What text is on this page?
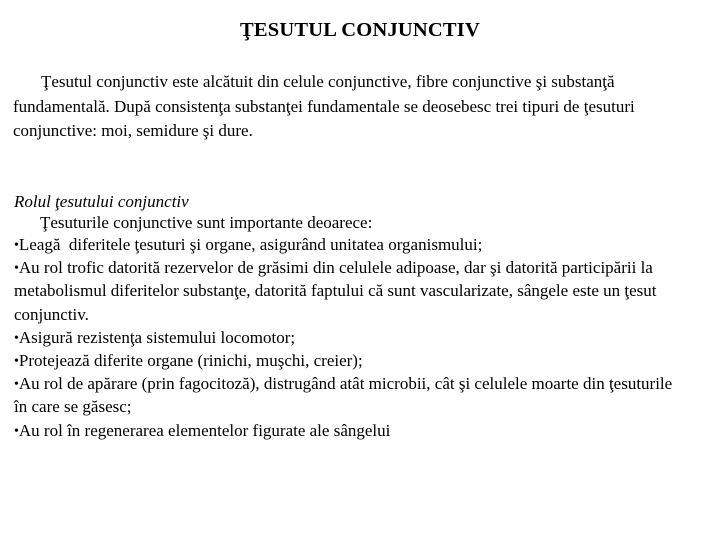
ŢESUTUL CONJUNCTIV
Ţesutul conjunctiv este alcătuit din celule conjunctive, fibre conjunctive şi substanţă fundamentală. După consistenţa substanţei fundamentale se deosebesc trei tipuri de ţesuturi conjunctive: moi, semidure şi dure.
Rolul ţesutului conjunctiv
Ţesuturile conjunctive sunt importante deoarece:
•Leagă  diferitele ţesuturi şi organe, asigurând unitatea organismului;
•Au rol trofic datorită rezervelor de grăsimi din celulele adipoase, dar şi datorită participării la metabolismul diferitelor substanţe, datorită faptului că sunt vascularizate, sângele este un ţesut conjunctiv.
•Asigură rezistenţa sistemului locomotor;
•Protejează diferite organe (rinichi, muşchi, creier);
•Au rol de apărare (prin fagocitoză), distrugând atât microbii, cât şi celulele moarte din ţesuturile în care se găsesc;
•Au rol în regenerarea elementelor figurate ale sângelui
